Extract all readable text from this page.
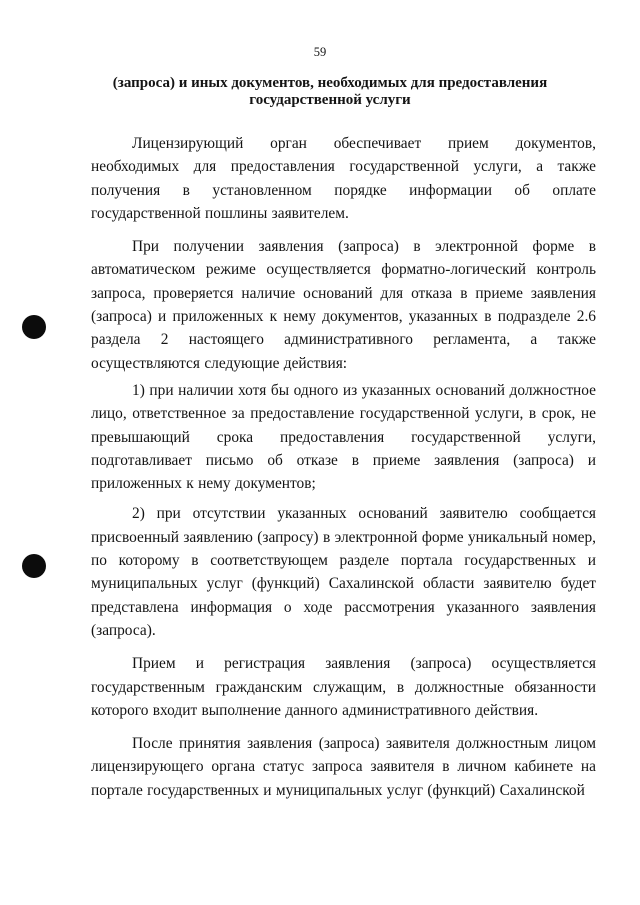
59
(запроса) и иных документов, необходимых для предоставления государственной услуги

Лицензирующий орган обеспечивает прием документов, необходимых для предоставления государственной услуги, а также получения в установленном порядке информации об оплате государственной пошлины заявителем.

При получении заявления (запроса) в электронной форме в автоматическом режиме осуществляется форматно-логический контроль запроса, проверяется наличие оснований для отказа в приеме заявления (запроса) и приложенных к нему документов, указанных в подразделе 2.6 раздела 2 настоящего административного регламента, а также осуществляются следующие действия:

1) при наличии хотя бы одного из указанных оснований должностное лицо, ответственное за предоставление государственной услуги, в срок, не превышающий срока предоставления государственной услуги, подготавливает письмо об отказе в приеме заявления (запроса) и приложенных к нему документов;

2) при отсутствии указанных оснований заявителю сообщается присвоенный заявлению (запросу) в электронной форме уникальный номер, по которому в соответствующем разделе портала государственных и муниципальных услуг (функций) Сахалинской области заявителю будет представлена информация о ходе рассмотрения указанного заявления (запроса).

Прием и регистрация заявления (запроса) осуществляется государственным гражданским служащим, в должностные обязанности которого входит выполнение данного административного действия.

После принятия заявления (запроса) заявителя должностным лицом лицензирующего органа статус запроса заявителя в личном кабинете на портале государственных и муниципальных услуг (функций) Сахалинской
